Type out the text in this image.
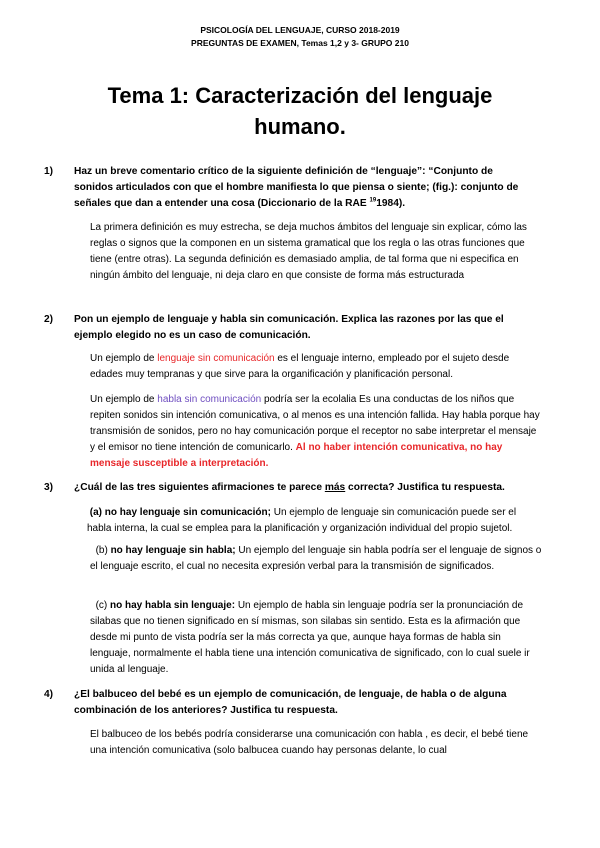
PSICOLOGÍA DEL LENGUAJE, CURSO 2018-2019
PREGUNTAS DE EXAMEN, Temas 1,2 y 3- GRUPO 210
Tema 1: Caracterización del lenguaje
humano.
1) Haz un breve comentario crítico de la siguiente definición de “lenguaje”: “Conjunto de sonidos articulados con que el hombre manifiesta lo que piensa o siente; (fig.): conjunto de señales que dan a entender una cosa (Diccionario de la RAE $^{19}$1984).
La primera definición es muy estrecha, se deja muchos ámbitos del lenguaje sin explicar, cómo las reglas o signos que la componen en un sistema gramatical que los regla o las otras funciones que tiene (entre otras). La segunda definición es demasiado amplia, de tal forma que ni especifica en ningún ámbito del lenguaje, ni deja claro en que consiste de forma más estructurada
2) Pon un ejemplo de lenguaje y habla sin comunicación. Explica las razones por las que el ejemplo elegido no es un caso de comunicación.
Un ejemplo de lenguaje sin comunicación es el lenguaje interno, empleado por el sujeto desde edades muy tempranas y que sirve para la organificación y planificación personal.
Un ejemplo de habla sin comunicación podría ser la ecolalia Es una conductas de los niños que repiten sonidos sin intención comunicativa, o al menos es una intención fallida. Hay habla porque hay transmisión de sonidos, pero no hay comunicación porque el receptor no sabe interpretar el mensaje y el emisor no tiene intención de comunicarlo. Al no haber intención comunicativa, no hay mensaje susceptible a interpretación.
3) ¿Cuál de las tres siguientes afirmaciones te parece más correcta? Justifica tu respuesta.
(a) no hay lenguaje sin comunicación; Un ejemplo de lenguaje sin comunicación puede ser el habla interna, la cual se emplea para la planificación y organización individual del propio sujetol.
(b) no hay lenguaje sin habla; Un ejemplo del lenguaje sin habla podría ser el lenguaje de signos o el lenguaje escrito, el cual no necesita expresión verbal para la transmisión de significados.
(c) no hay habla sin lenguaje: Un ejemplo de habla sin lenguaje podría ser la pronunciación de silabas que no tienen significado en sí mismas, son silabas sin sentido. Esta es la afirmación que desde mi punto de vista podría ser la más correcta ya que, aunque haya formas de habla sin lenguaje, normalmente el habla tiene una intención comunicativa de significado, con lo cual suele ir unida al lenguaje.
4) ¿El balbuceo del bebé es un ejemplo de comunicación, de lenguaje, de habla o de alguna combinación de los anteriores? Justifica tu respuesta.
El balbuceo de los bebés podría considerarse una comunicación con habla , es decir, el bebé tiene una intención comunicativa (solo balbucea cuando hay personas delante, lo cual
